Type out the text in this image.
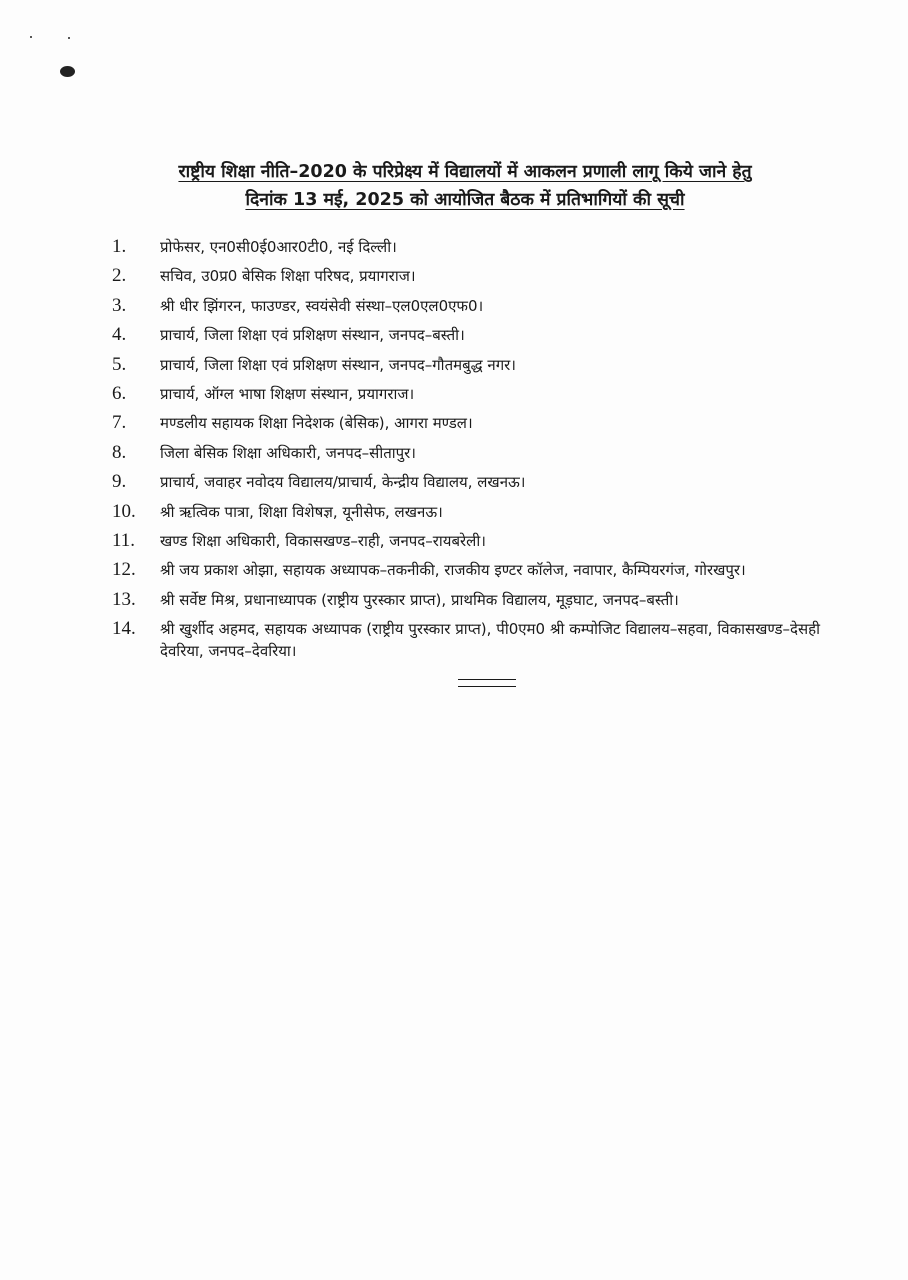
राष्ट्रीय शिक्षा नीति–2020 के परिप्रेक्ष्य में विद्यालयों में आकलन प्रणाली लागू किये जाने हेतु
दिनांक 13 मई, 2025 को आयोजित बैठक में प्रतिभागियों की सूची
1.	प्रोफेसर, एन0सी0ई0आर0टी0, नई दिल्ली।
2.	सचिव, उ0प्र0 बेसिक शिक्षा परिषद, प्रयागराज।
3.	श्री धीर झिंगरन, फाउण्डर, स्वयंसेवी संस्था–एल0एल0एफ0।
4.	प्राचार्य, जिला शिक्षा एवं प्रशिक्षण संस्थान, जनपद–बस्ती।
5.	प्राचार्य, जिला शिक्षा एवं प्रशिक्षण संस्थान, जनपद–गौतमबुद्ध नगर।
6.	प्राचार्य, ऑग्ल भाषा शिक्षण संस्थान, प्रयागराज।
7.	मण्डलीय सहायक शिक्षा निदेशक (बेसिक), आगरा मण्डल।
8.	जिला बेसिक शिक्षा अधिकारी, जनपद–सीतापुर।
9.	प्राचार्य, जवाहर नवोदय विद्यालय/प्राचार्य, केन्द्रीय विद्यालय, लखनऊ।
10.	श्री ऋत्विक पात्रा, शिक्षा विशेषज्ञ, यूनीसेफ, लखनऊ।
11.	खण्ड शिक्षा अधिकारी, विकासखण्ड–राही, जनपद–रायबरेली।
12.	श्री जय प्रकाश ओझा, सहायक अध्यापक–तकनीकी, राजकीय इण्टर कॉलेज, नवापार, कैम्पियरगंज, गोरखपुर।
13.	श्री सर्वेष्ट मिश्र, प्रधानाध्यापक (राष्ट्रीय पुरस्कार प्राप्त), प्राथमिक विद्यालय, मूड़घाट, जनपद–बस्ती।
14.	श्री खुर्शीद अहमद, सहायक अध्यापक (राष्ट्रीय पुरस्कार प्राप्त), पी0एम0 श्री कम्पोजिट विद्यालय–सहवा, विकासखण्ड–देसही देवरिया, जनपद–देवरिया।
